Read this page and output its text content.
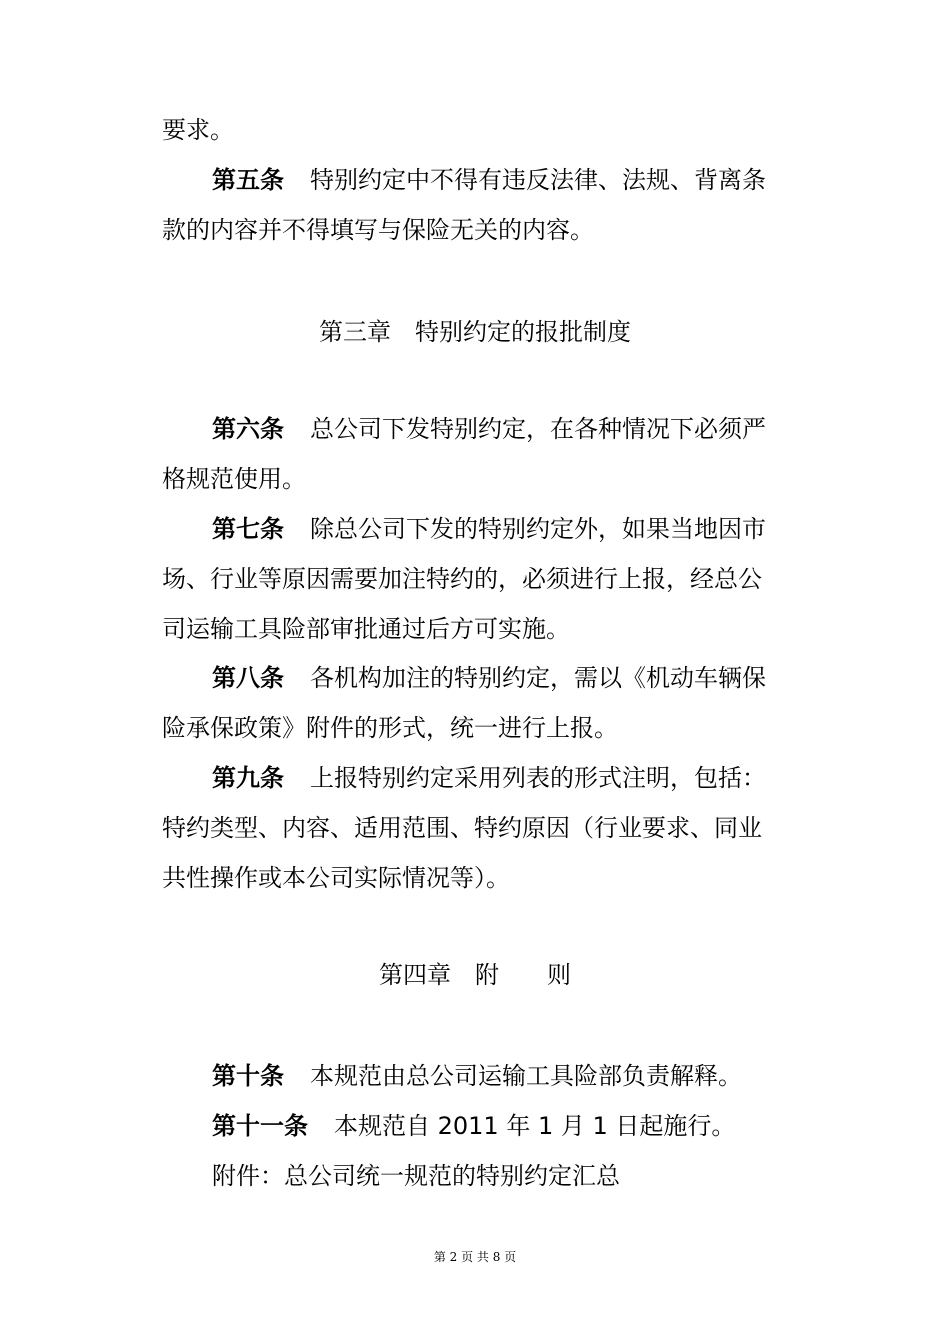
要求。
第五条 特别约定中不得有违反法律、法规、背离条
款的内容并不得填写与保险无关的内容。
第三章　特别约定的报批制度
第六条 总公司下发特别约定，在各种情况下必须严
格规范使用。
第七条 除总公司下发的特别约定外，如果当地因市
场、行业等原因需要加注特约的，必须进行上报，经总公
司运输工具险部审批通过后方可实施。
第八条 各机构加注的特别约定，需以《机动车辆保
险承保政策》附件的形式，统一进行上报。
第九条 上报特别约定采用列表的形式注明，包括：
特约类型、内容、适用范围、特约原因（行业要求、同业
共性操作或本公司实际情况等）。
第四章　附　　则
第十条 本规范由总公司运输工具险部负责解释。
第十一条 本规范自 2011 年 1 月 1 日起施行。
附件：总公司统一规范的特别约定汇总
第 2 页 共 8 页
